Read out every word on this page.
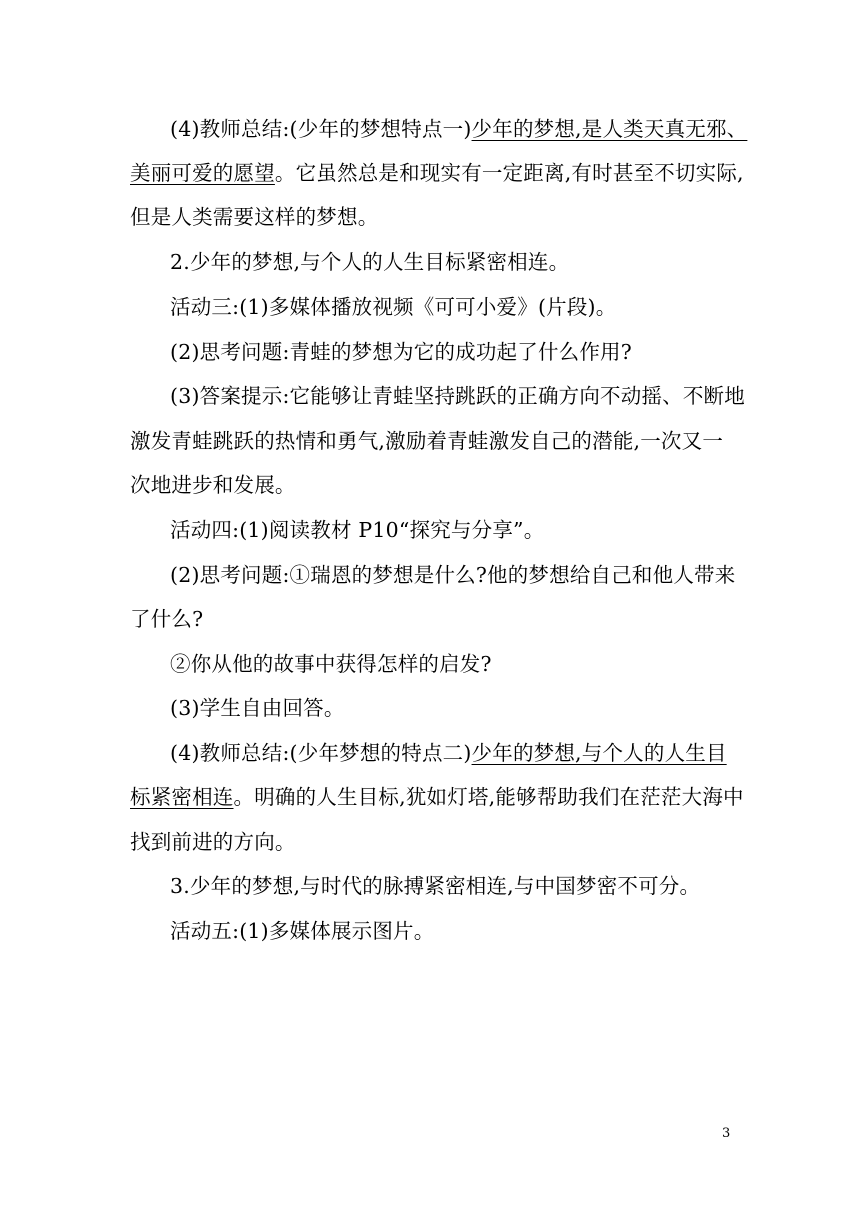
(4)教师总结:(少年的梦想特点一)少年的梦想,是人类天真无邪、
美丽可爱的愿望。它虽然总是和现实有一定距离,有时甚至不切实际,
但是人类需要这样的梦想。
2.少年的梦想,与个人的人生目标紧密相连。
活动三:(1)多媒体播放视频《可可小爱》(片段)。
(2)思考问题:青蛙的梦想为它的成功起了什么作用?
(3)答案提示:它能够让青蛙坚持跳跃的正确方向不动摇、不断地
激发青蛙跳跃的热情和勇气,激励着青蛙激发自己的潜能,一次又一
次地进步和发展。
活动四:(1)阅读教材 P10“探究与分享”。
(2)思考问题:①瑞恩的梦想是什么?他的梦想给自己和他人带来
了什么?
②你从他的故事中获得怎样的启发?
(3)学生自由回答。
(4)教师总结:(少年梦想的特点二)少年的梦想,与个人的人生目
标紧密相连。明确的人生目标,犹如灯塔,能够帮助我们在茫茫大海中
找到前进的方向。
3.少年的梦想,与时代的脉搏紧密相连,与中国梦密不可分。
活动五:(1)多媒体展示图片。
3
